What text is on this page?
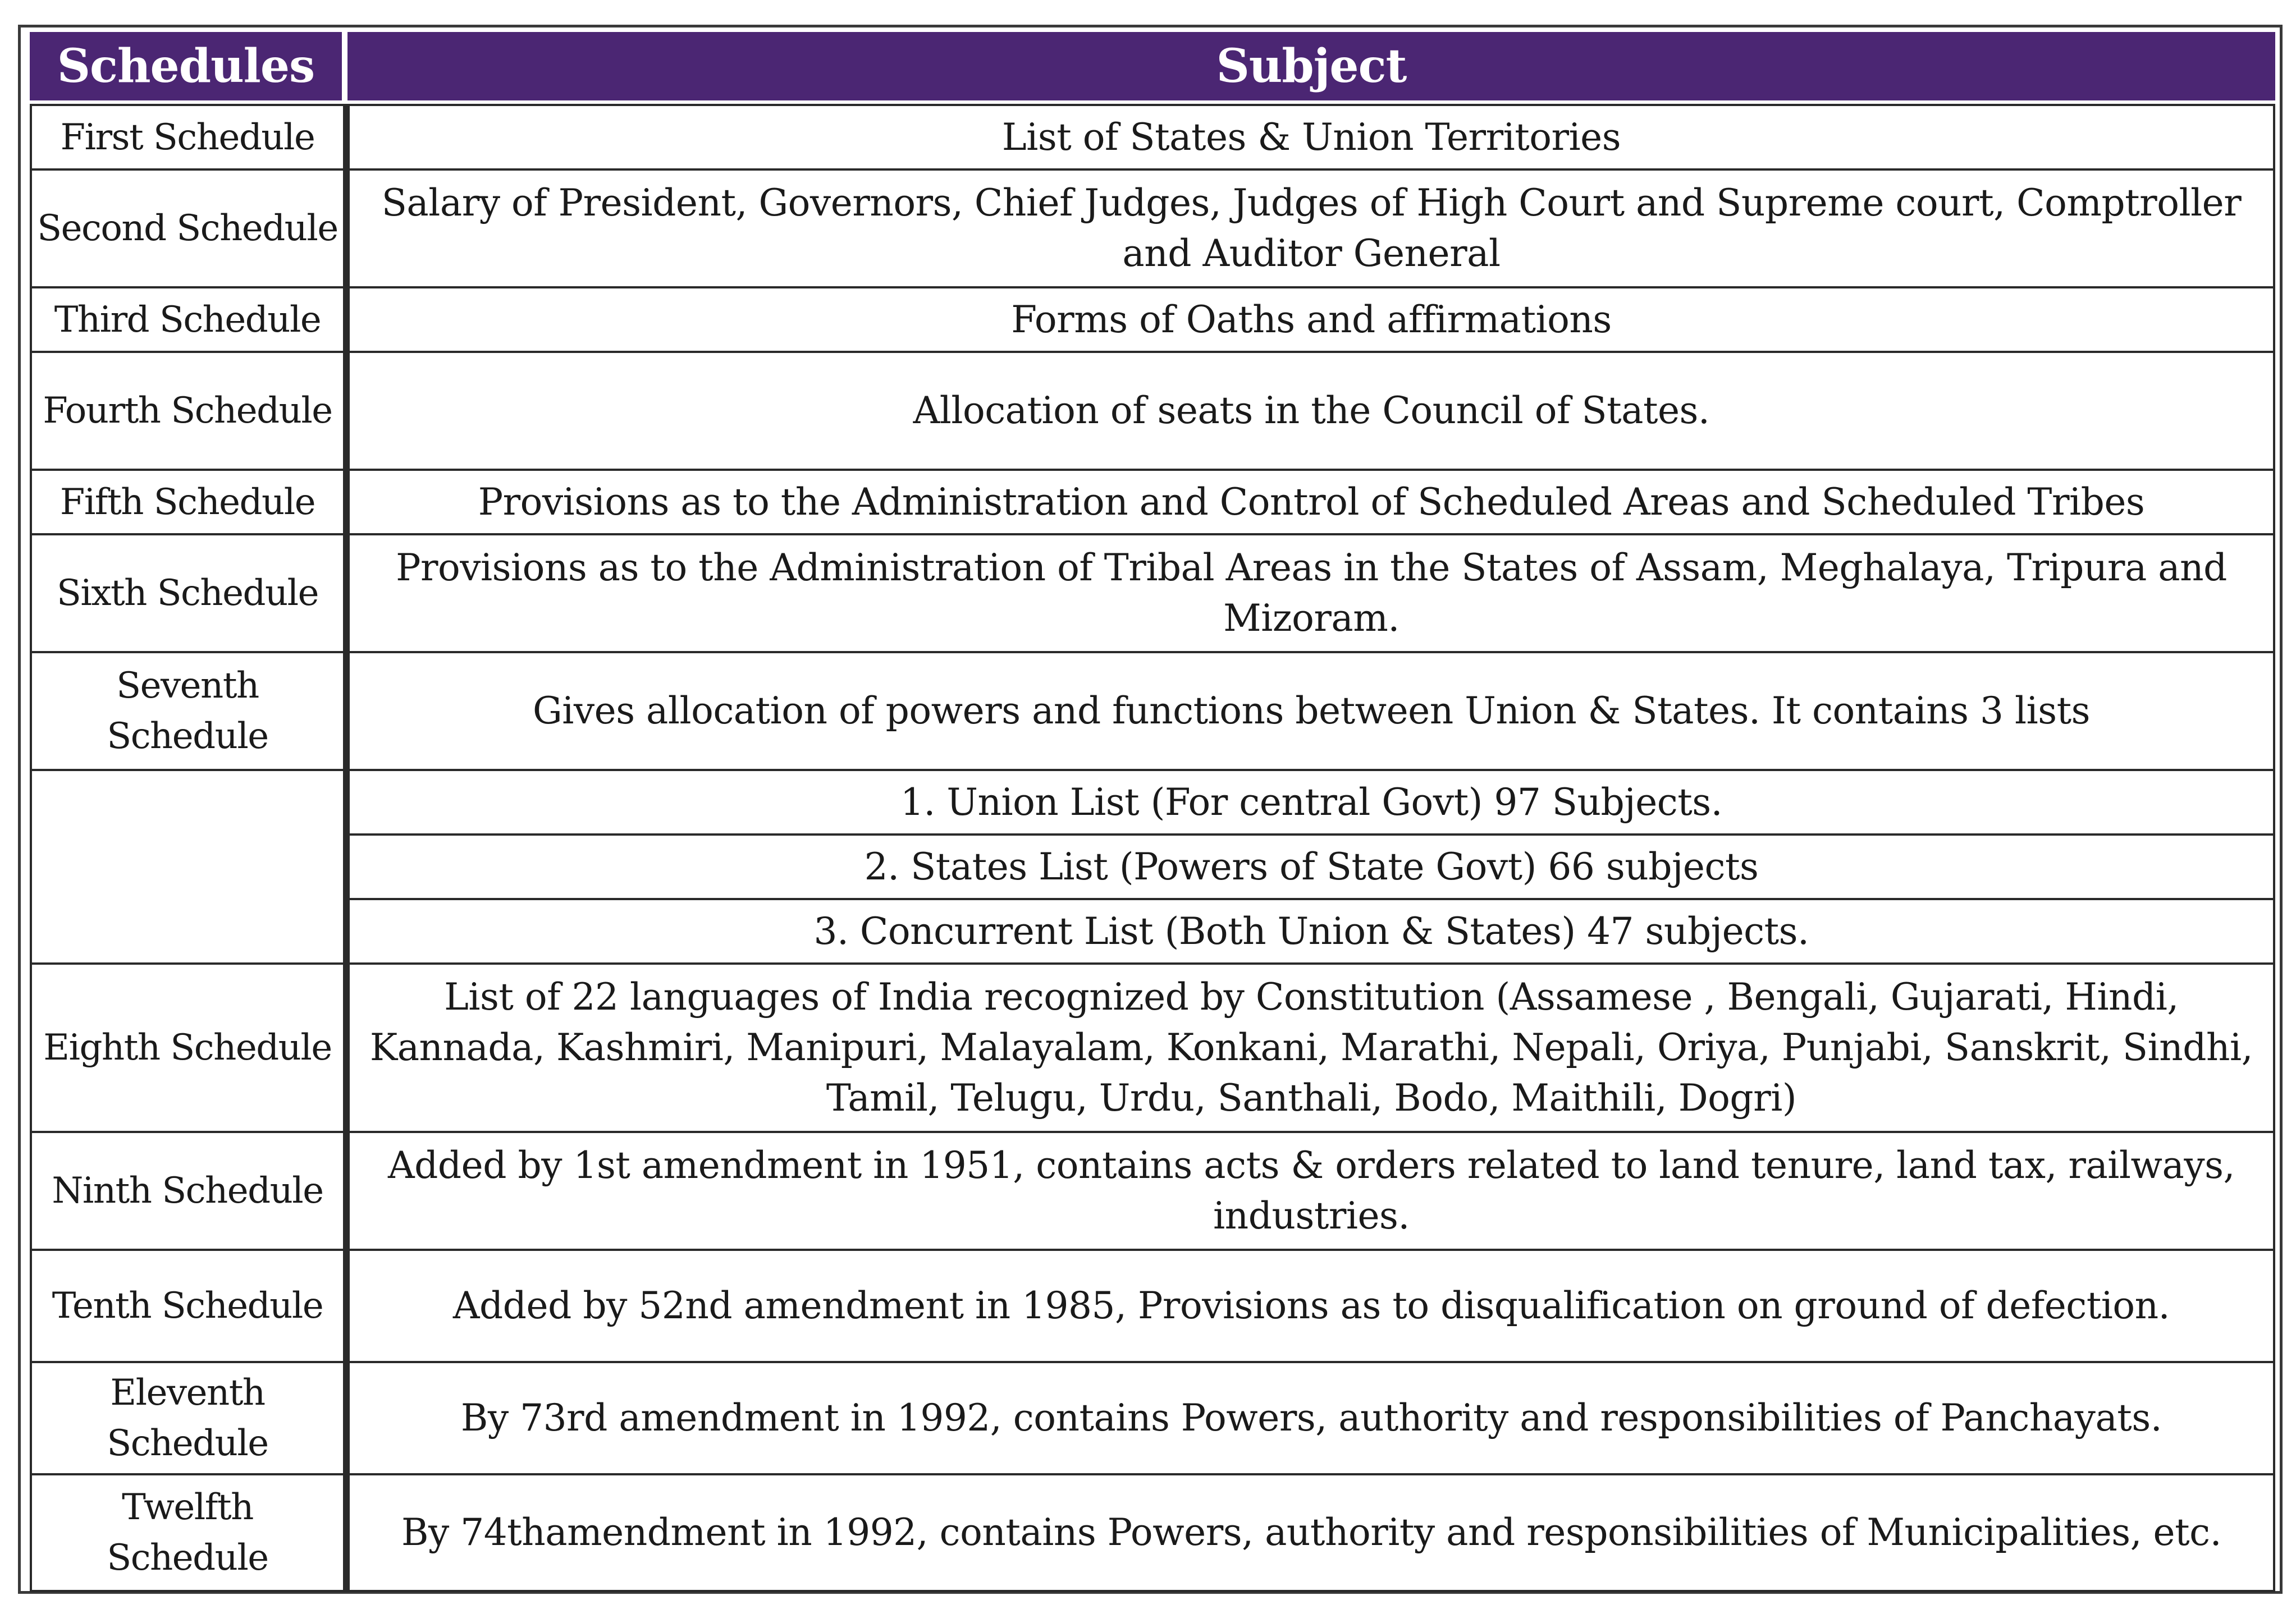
Schedules	Subject
First Schedule	List of States & Union Territories
Second Schedule	Salary of President, Governors, Chief Judges, Judges of High Court and Supreme court, Comptroller and Auditor General
Third Schedule	Forms of Oaths and affirmations
Fourth Schedule	Allocation of seats in the Council of States.
Fifth Schedule	Provisions as to the Administration and Control of Scheduled Areas and Scheduled Tribes
Sixth Schedule	Provisions as to the Administration of Tribal Areas in the States of Assam, Meghalaya, Tripura and Mizoram.
Seventh Schedule	Gives allocation of powers and functions between Union & States. It contains 3 lists
	1. Union List (For central Govt) 97 Subjects.
	2. States List (Powers of State Govt) 66 subjects
	3. Concurrent List (Both Union & States) 47 subjects.
Eighth Schedule	List of 22 languages of India recognized by Constitution (Assamese , Bengali, Gujarati, Hindi, Kannada, Kashmiri, Manipuri, Malayalam, Konkani, Marathi, Nepali, Oriya, Punjabi, Sanskrit, Sindhi, Tamil, Telugu, Urdu, Santhali, Bodo, Maithili, Dogri)
Ninth Schedule	Added by 1st amendment in 1951, contains acts & orders related to land tenure, land tax, railways, industries.
Tenth Schedule	Added by 52nd amendment in 1985, Provisions as to disqualification on ground of defection.
Eleventh Schedule	By 73rd amendment in 1992, contains Powers, authority and responsibilities of Panchayats.
Twelfth Schedule	By 74thamendment in 1992, contains Powers, authority and responsibilities of Municipalities, etc.
